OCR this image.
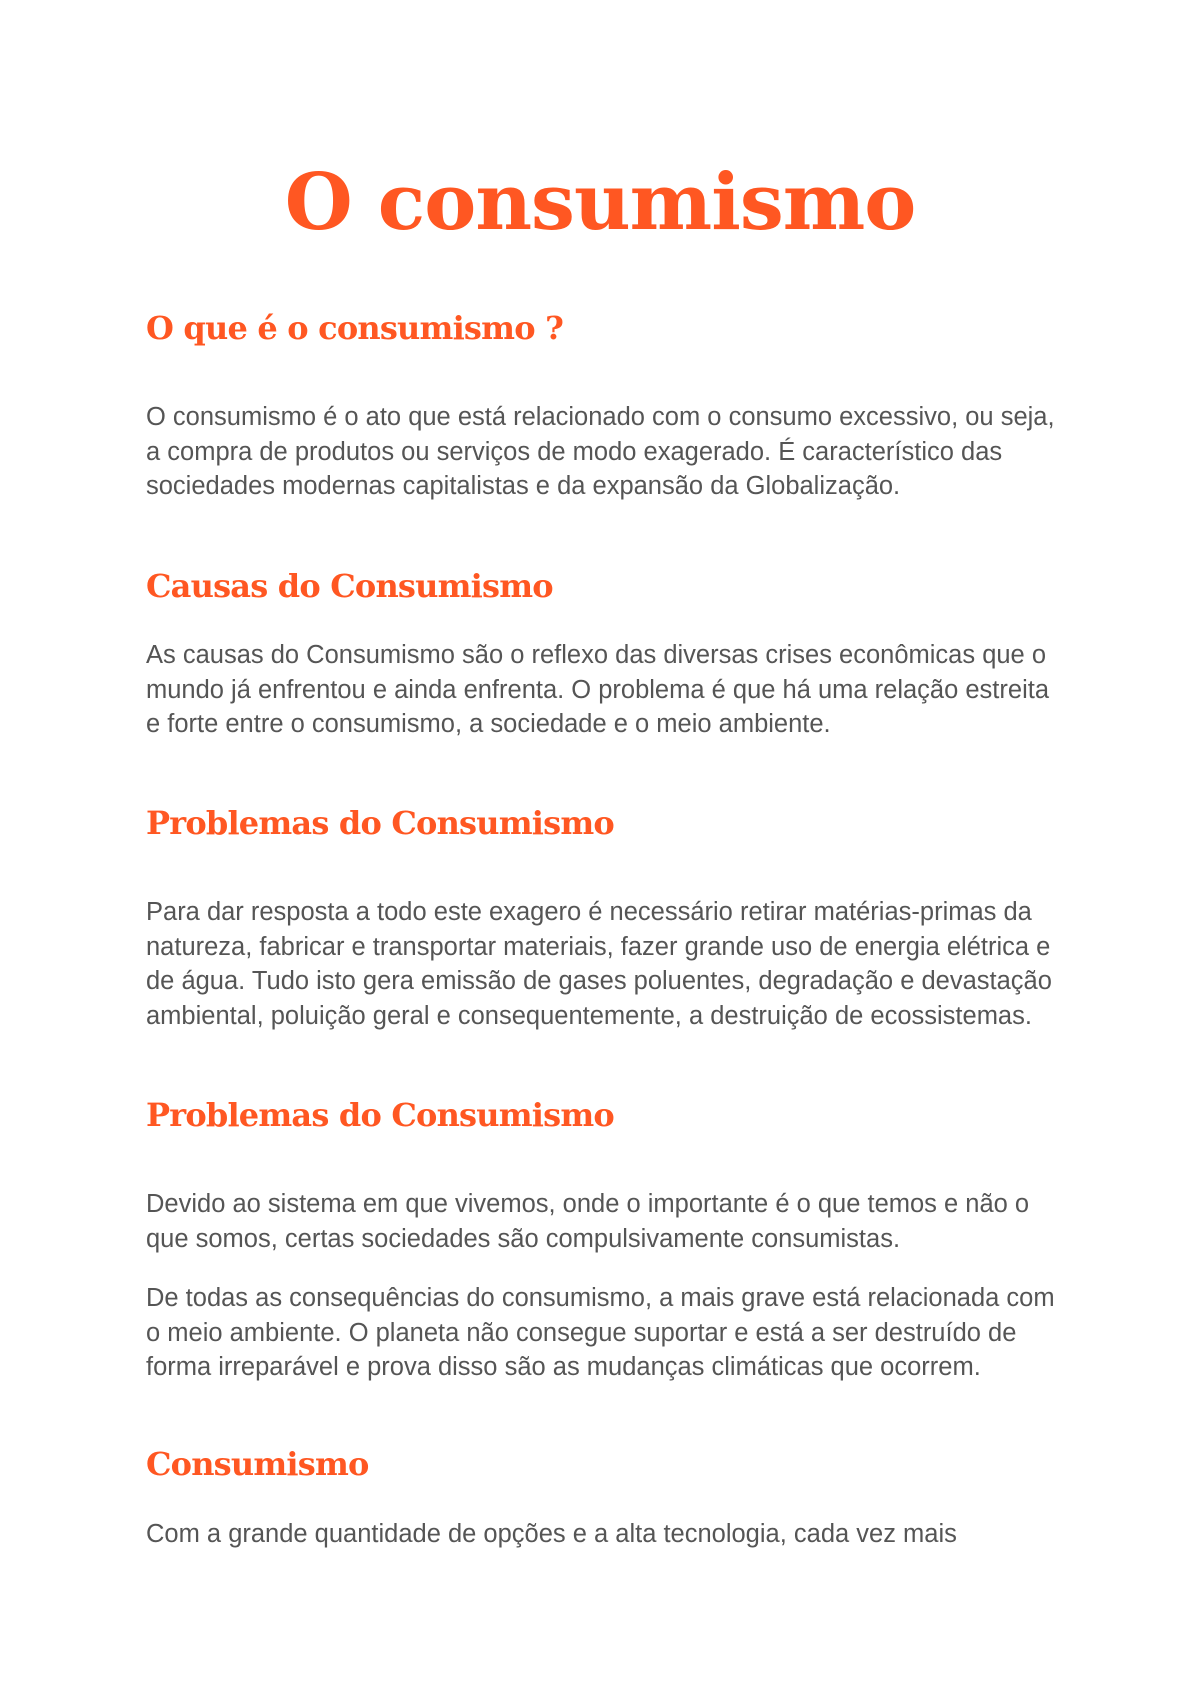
O consumismo
O que é o consumismo ?

O consumismo é o ato que está relacionado com o consumo excessivo, ou seja, a compra de produtos ou serviços de modo exagerado. É característico das sociedades modernas capitalistas e da expansão da Globalização.

Causas do Consumismo

As causas do Consumismo são o reflexo das diversas crises econômicas que o mundo já enfrentou e ainda enfrenta. O problema é que há uma relação estreita e forte entre o consumismo, a sociedade e o meio ambiente.

Problemas do Consumismo

Para dar resposta a todo este exagero é necessário retirar matérias-primas da natureza, fabricar e transportar materiais, fazer grande uso de energia elétrica e de água. Tudo isto gera emissão de gases poluentes, degradação e devastação ambiental, poluição geral e consequentemente, a destruição de ecossistemas.

Problemas do Consumismo

Devido ao sistema em que vivemos, onde o importante é o que temos e não o que somos, certas sociedades são compulsivamente consumistas.

De todas as consequências do consumismo, a mais grave está relacionada com o meio ambiente. O planeta não consegue suportar e está a ser destruído de forma irreparável e prova disso são as mudanças climáticas que ocorrem.

Consumismo

Com a grande quantidade de opções e a alta tecnologia, cada vez mais
